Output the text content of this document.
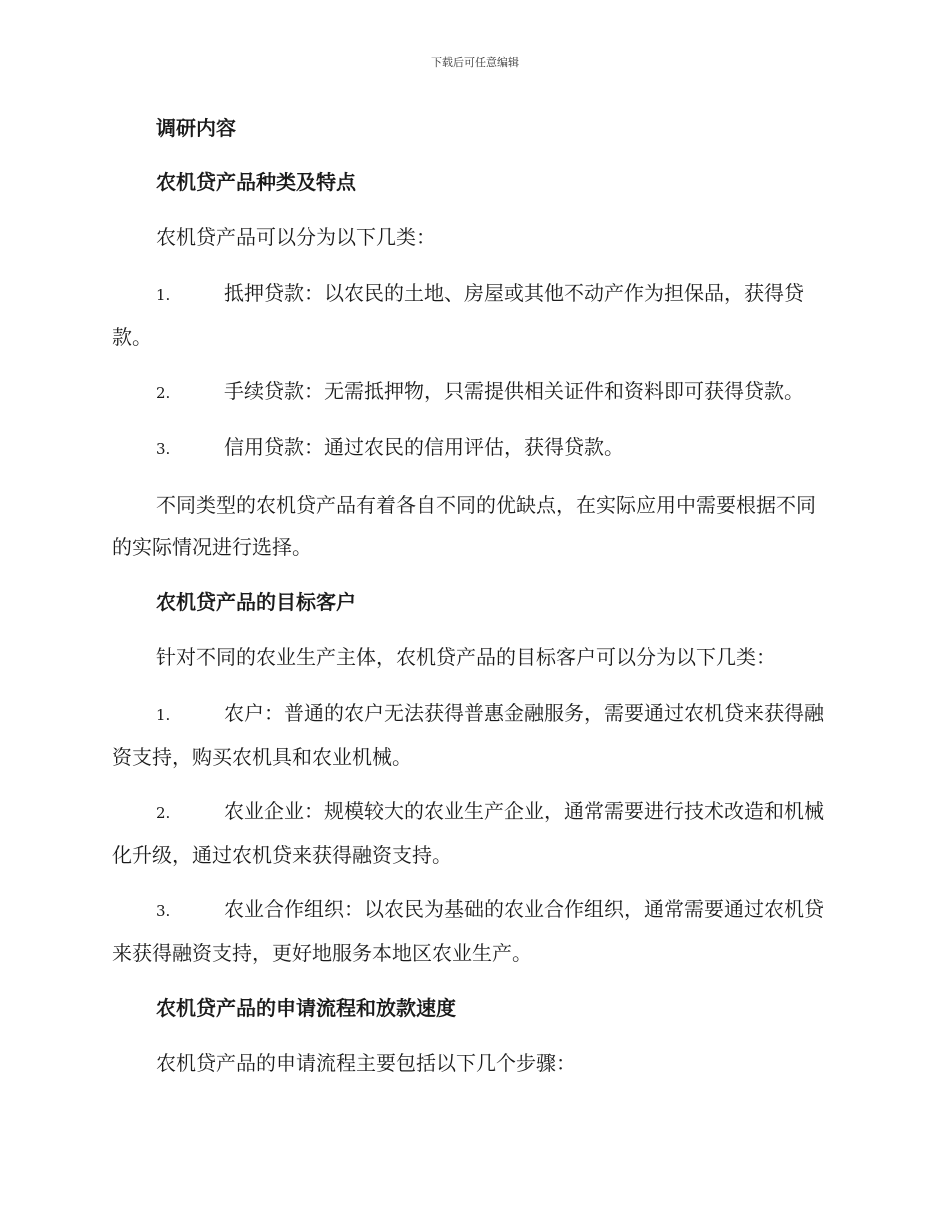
下载后可任意编辑
调研内容
农机贷产品种类及特点

农机贷产品可以分为以下几类：

1.	抵押贷款：以农民的土地、房屋或其他不动产作为担保品，获得贷款。

2.	手续贷款：无需抵押物，只需提供相关证件和资料即可获得贷款。

3.	信用贷款：通过农民的信用评估，获得贷款。

不同类型的农机贷产品有着各自不同的优缺点，在实际应用中需要根据不同的实际情况进行选择。

农机贷产品的目标客户

针对不同的农业生产主体，农机贷产品的目标客户可以分为以下几类：

1.	农户：普通的农户无法获得普惠金融服务，需要通过农机贷来获得融资支持，购买农机具和农业机械。

2.	农业企业：规模较大的农业生产企业，通常需要进行技术改造和机械化升级，通过农机贷来获得融资支持。

3.	农业合作组织：以农民为基础的农业合作组织，通常需要通过农机贷来获得融资支持，更好地服务本地区农业生产。

农机贷产品的申请流程和放款速度

农机贷产品的申请流程主要包括以下几个步骤：
